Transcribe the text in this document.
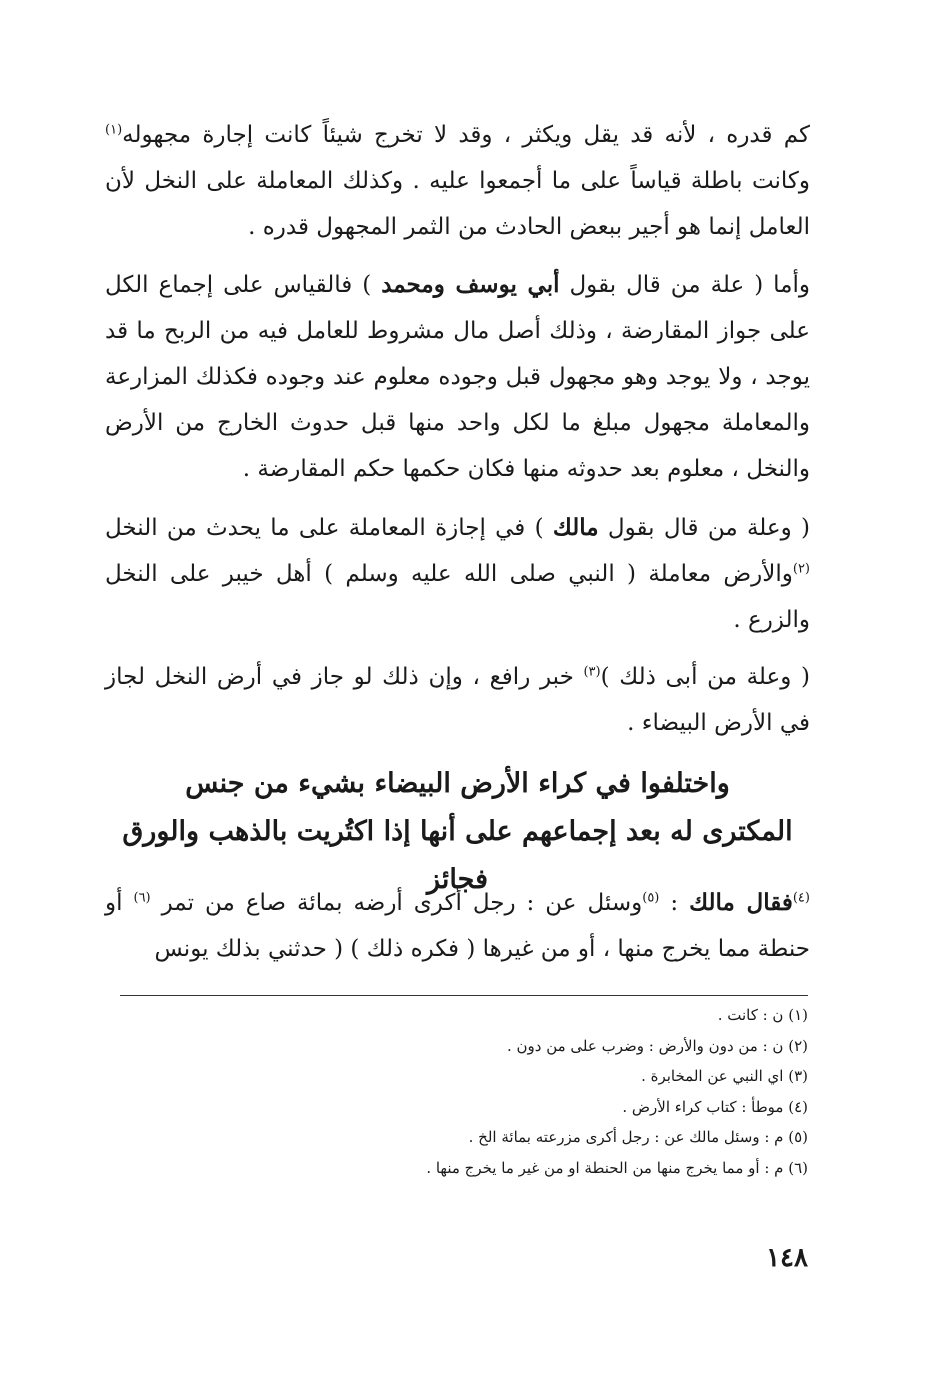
كم قدره ، لأنه قد يقل ويكثر ، وقد لا تخرج شيئاً كانت إجارة مجهوله$^{(١)}$ وكانت باطلة قياساً على ما أجمعوا عليه . وكذلك المعاملة على النخل لأن العامل إنما هو أجير ببعض الحادث من الثمر المجهول قدره .
وأما ( علة من قال بقول أبي يوسف ومحمد ) فالقياس على إجماع الكل على جواز المقارضة ، وذلك أصل مال مشروط للعامل فيه من الربح ما قد يوجد ، ولا يوجد وهو مجهول قبل وجوده معلوم عند وجوده فكذلك المزارعة والمعاملة مجهول مبلغ ما لكل واحد منها قبل حدوث الخارج من الأرض والنخل ، معلوم بعد حدوثه منها فكان حكمها حكم المقارضة .
( وعلة من قال بقول مالك ) في إجازة المعاملة على ما يحدث من النخل $^{(٢)}$والأرض معاملة ( النبي صلى الله عليه وسلم ) أهل خيبر على النخل والزرع .
( وعلة من أبى ذلك )$^{(٣)}$ خبر رافع ، وإن ذلك لو جاز في أرض النخل لجاز في الأرض البيضاء .
واختلفوا في كراء الأرض البيضاء بشيء من جنس
المكترى له بعد إجماعهم على أنها إذا اكتُريت بالذهب والورق فجائز
$^{(٤)}$فقال مالك : $^{(٥)}$وسئل عن : رجل أكرى أرضه بمائة صاع من تمر $^{(٦)}$ أو حنطة مما يخرج منها ، أو من غيرها ( فكره ذلك ) ( حدثني بذلك يونس
(١) ن : كانت .
(٢) ن : من دون والأرض : وضرب على من دون .
(٣) اي النبي عن المخابرة .
(٤) موطأ : كتاب كراء الأرض .
(٥) م : وسئل مالك عن : رجل أكرى مزرعته بمائة الخ .
(٦) م : أو مما يخرج منها من الحنطة او من غير ما يخرج منها .
١٤٨
